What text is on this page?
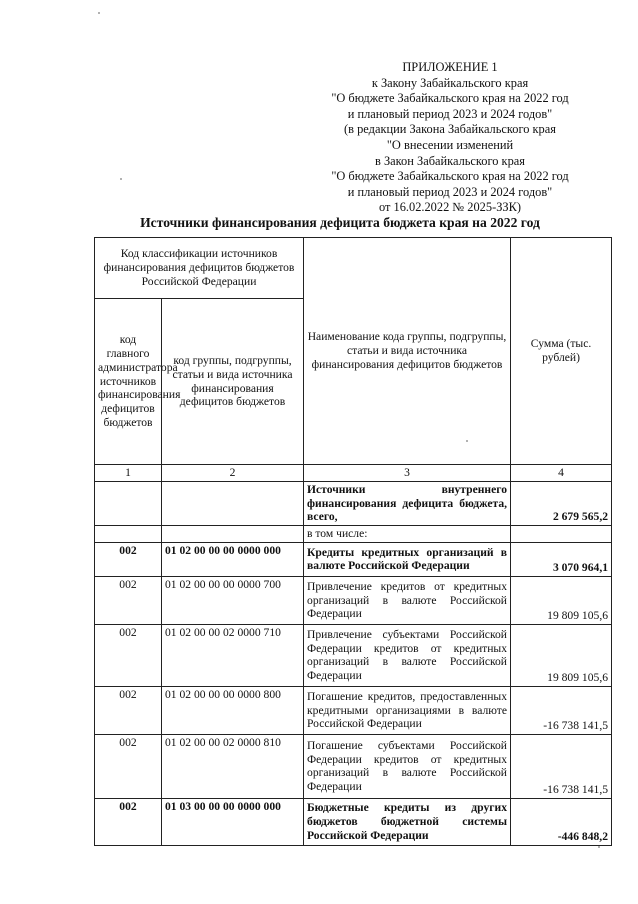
ПРИЛОЖЕНИЕ 1
к Закону Забайкальского края
"О бюджете Забайкальского края на 2022 год
и плановый период 2023 и 2024 годов"
(в редакции Закона Забайкальского края
"О внесении изменений
в Закон Забайкальского края
"О бюджете Забайкальского края на 2022 год
и плановый период 2023 и 2024 годов"
от 16.02.2022 № 2025-ЗЗК)
Источники финансирования дефицита бюджета края на 2022 год
Код классификации источников финансирования дефицитов бюджетов Российской Федерации		Наименование кода группы, подгруппы, статьи и вида источника финансирования дефицитов бюджетов	Сумма (тыс. рублей)
код главного администратора источников финансирования дефицитов бюджетов	код группы, подгруппы, статьи и вида источника финансирования дефицитов бюджетов		
1	2	3	4
		Источники внутреннего финансирования дефицита бюджета, всего,	2 679 565,2
		в том числе:	
002	01 02 00 00 00 0000 000	Кредиты кредитных организаций в валюте Российской Федерации	3 070 964,1
002	01 02 00 00 00 0000 700	Привлечение кредитов от кредитных организаций в валюте Российской Федерации	19 809 105,6
002	01 02 00 00 02 0000 710	Привлечение субъектами Российской Федерации кредитов от кредитных организаций в валюте Российской Федерации	19 809 105,6
002	01 02 00 00 00 0000 800	Погашение кредитов, предоставленных кредитными организациями в валюте Российской Федерации	-16 738 141,5
002	01 02 00 00 02 0000 810	Погашение субъектами Российской Федерации кредитов от кредитных организаций в валюте Российской Федерации	-16 738 141,5
002	01 03 00 00 00 0000 000	Бюджетные кредиты из других бюджетов бюджетной системы Российской Федерации	-446 848,2
